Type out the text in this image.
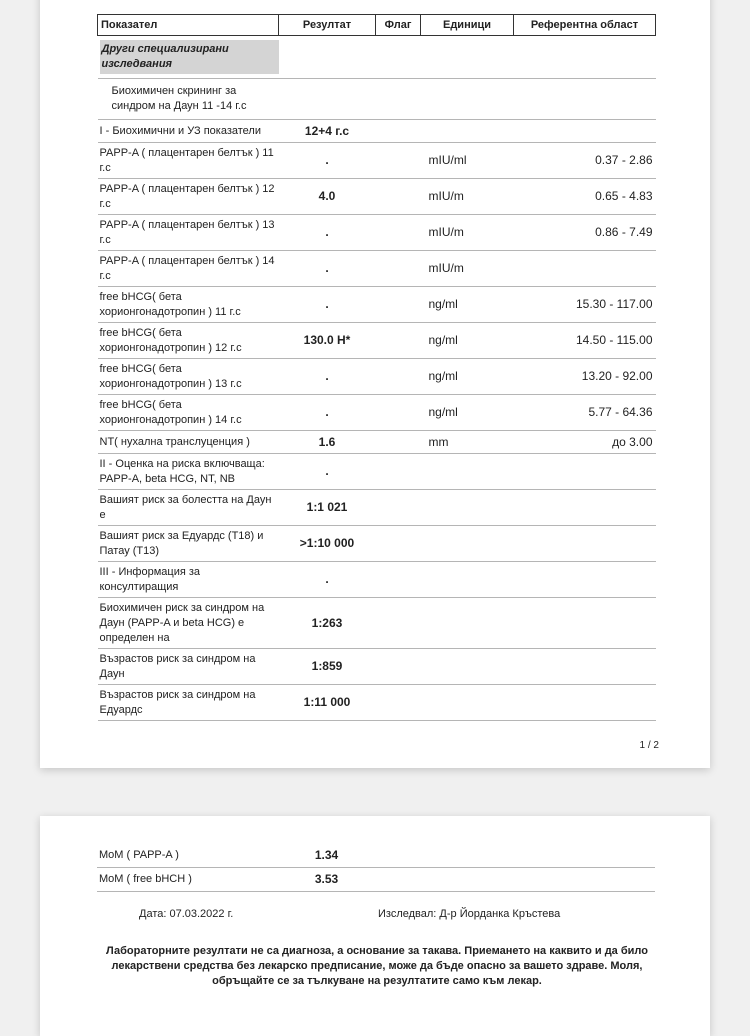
Показател	Резултат	Флаг	Единици	Референтна област

Други специализирани изследвания				

Биохимичен скрининг за синдром на Даун 11 -14 г.с				
I - Биохимични и УЗ показатели	12+4 г.с			
PAPP-A ( плацентарен белтък ) 11 г.с	.		mIU/ml	0.37 - 2.86
PAPP-A ( плацентарен белтък ) 12 г.с	4.0		mIU/m	0.65 - 4.83
PAPP-A ( плацентарен белтък ) 13 г.с	.		mIU/m	0.86 - 7.49
PAPP-A ( плацентарен белтък ) 14 г.с	.		mIU/m	
free bHCG( бета хорионгонадотропин ) 11 г.с	.		ng/ml	15.30 - 117.00
free bHCG( бета хорионгонадотропин ) 12 г.с	130.0 H*		ng/ml	14.50 - 115.00
free bHCG( бета хорионгонадотропин ) 13 г.с	.		ng/ml	13.20 - 92.00
free bHCG( бета хорионгонадотропин ) 14 г.с	.		ng/ml	5.77 - 64.36
NT( нухална транслуценция )	1.6		mm	до 3.00
II - Оценка на риска включваща: PAPP-A, beta HCG, NT, NB	.			
Вашият риск за болестта на Даун е	1:1 021			
Вашият риск за Едуардс (T18) и Патау (T13)	>1:10 000			
III - Информация за консултиращия	.			
Биохимичен риск за синдром на Даун (PAPP-A и beta HCG) е определен на	1:263			
Възрастов риск за синдром на Даун	1:859			
Възрастов риск за синдром на Едуардс	1:11 000			
1 / 2
MoM ( PAPP-A )	1.34			
MoM ( free bHCH )	3.53			
Дата: 07.03.2022 г.	Изследвал: Д-р Йорданка Кръстева
Лабораторните резултати не са диагноза, а основание за такава. Приемането на каквито и да било лекарствени средства без лекарско предписание, може да бъде опасно за вашето здраве. Моля, обръщайте се за тълкуване на резултатите само към лекар.
